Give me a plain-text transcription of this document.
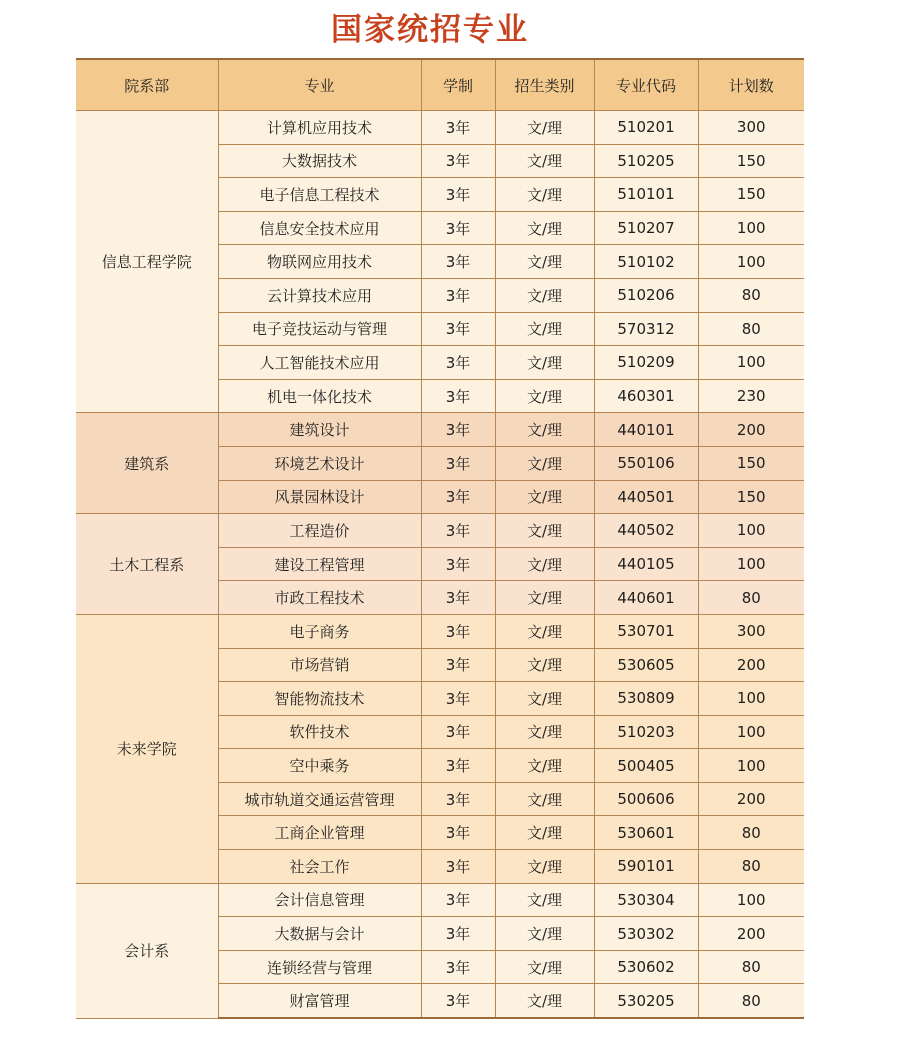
国家统招专业
院系部	专业	学制	招生类别	专业代码	计划数
信息工程学院	计算机应用技术	3年	文/理	510201	300
	大数据技术	3年	文/理	510205	150
	电子信息工程技术	3年	文/理	510101	150
	信息安全技术应用	3年	文/理	510207	100
	物联网应用技术	3年	文/理	510102	100
	云计算技术应用	3年	文/理	510206	80
	电子竞技运动与管理	3年	文/理	570312	80
	人工智能技术应用	3年	文/理	510209	100
	机电一体化技术	3年	文/理	460301	230
建筑系	建筑设计	3年	文/理	440101	200
	环境艺术设计	3年	文/理	550106	150
	风景园林设计	3年	文/理	440501	150
土木工程系	工程造价	3年	文/理	440502	100
	建设工程管理	3年	文/理	440105	100
	市政工程技术	3年	文/理	440601	80
未来学院	电子商务	3年	文/理	530701	300
	市场营销	3年	文/理	530605	200
	智能物流技术	3年	文/理	530809	100
	软件技术	3年	文/理	510203	100
	空中乘务	3年	文/理	500405	100
	城市轨道交通运营管理	3年	文/理	500606	200
	工商企业管理	3年	文/理	530601	80
	社会工作	3年	文/理	590101	80
会计系	会计信息管理	3年	文/理	530304	100
	大数据与会计	3年	文/理	530302	200
	连锁经营与管理	3年	文/理	530602	80
	财富管理	3年	文/理	530205	80
